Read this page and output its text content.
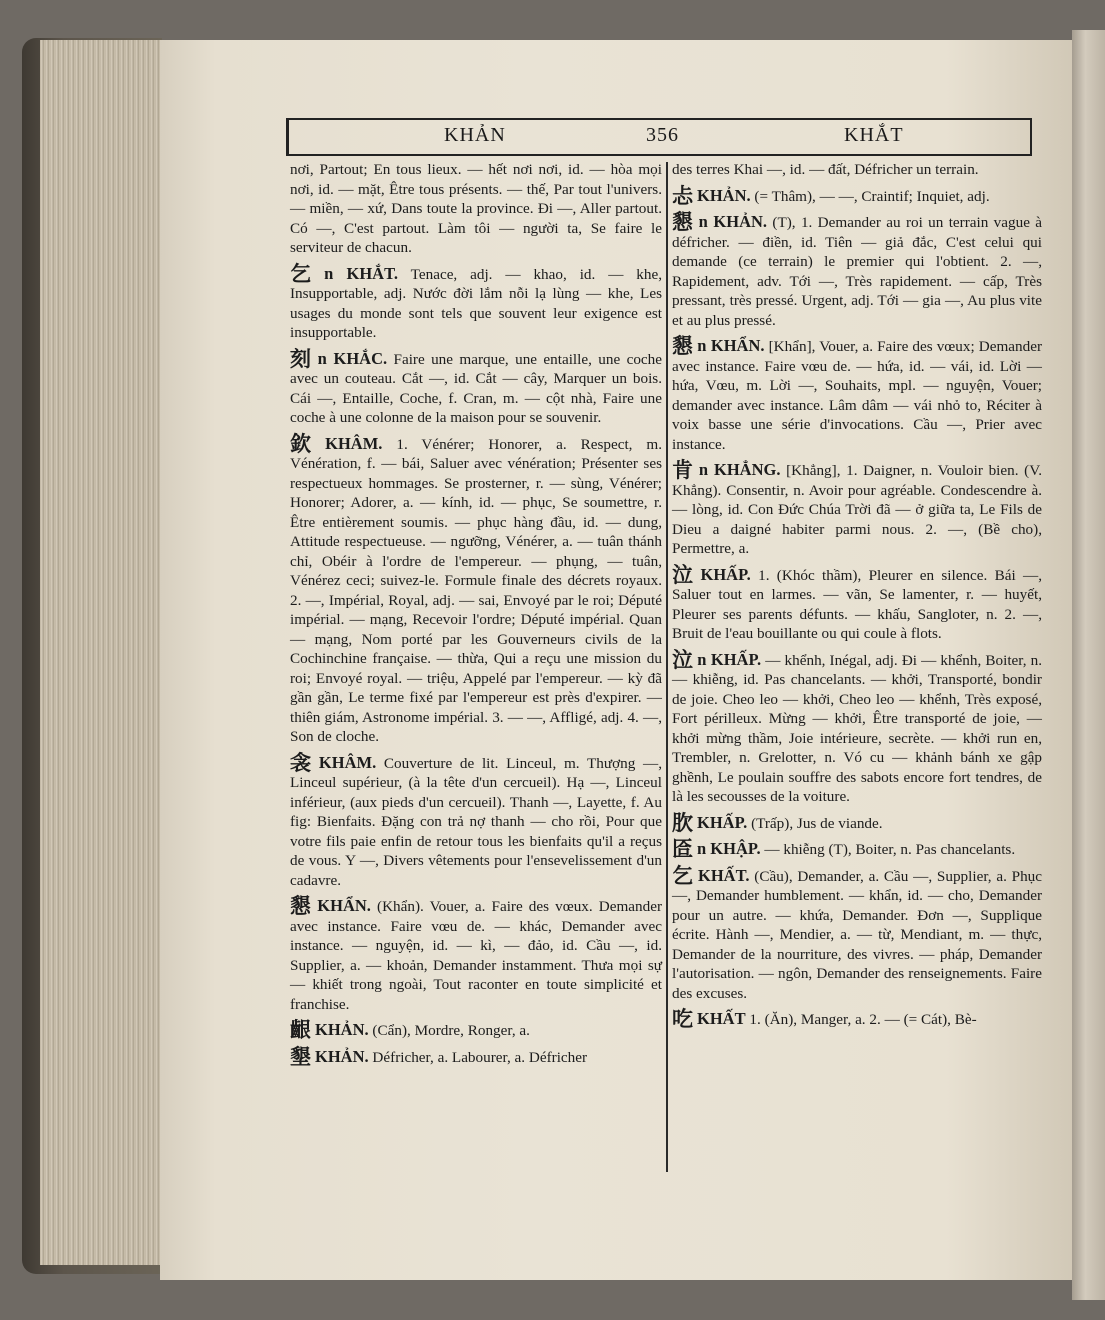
KHẢN	356	KHẮT

nơi, Partout; En tous lieux. — hết nơi nơi, id. — hòa mọi nơi, id. — mặt, Être tous présents. — thế, Par tout l'univers. — miền, — xứ, Dans toute la province. Đi —, Aller partout. Có —, C'est partout. Làm tôi — người ta, Se faire le serviteur de chacun.

乞 n KHẮT. Tenace, adj. — khao, id. — khe, Insupportable, adj. Nước đời lắm nỗi lạ lùng — khe, Les usages du monde sont tels que souvent leur exigence est insupportable.

刻 n KHẮC. Faire une marque, une entaille, une coche avec un couteau. Cắt —, id. Cắt — cây, Marquer un bois. Cái —, Entaille, Coche, f. Cran, m. — cột nhà, Faire une coche à une colonne de la maison pour se souvenir.

欽 KHÂM. 1. Vénérer; Honorer, a. Respect, m. Vénération, f. — bái, Saluer avec vénération; Présenter ses respectueux hommages. Se prosterner, r. — sùng, Vénérer; Honorer; Adorer, a. — kính, id. — phục, Se soumettre, r. Être entièrement soumis. — phục hàng đầu, id. — dung, Attitude respectueuse. — ngưỡng, Vénérer, a. — tuân thánh chỉ, Obéir à l'ordre de l'empereur. — phụng, — tuân, Vénérez ceci; suivez-le. Formule finale des décrets royaux. 2. —, Impérial, Royal, adj. — sai, Envoyé par le roi; Député impérial. — mạng, Recevoir l'ordre; Député impérial. Quan — mạng, Nom porté par les Gouverneurs civils de la Cochinchine française. — thừa, Qui a reçu une mission du roi; Envoyé royal. — triệu, Appelé par l'empereur. — kỳ đã gần gần, Le terme fixé par l'empereur est près d'expirer. — thiên giám, Astronome impérial. 3. — —, Affligé, adj. 4. —, Son de cloche.

衾 KHÂM. Couverture de lit. Linceul, m. Thượng —, Linceul supérieur, (à la tête d'un cercueil). Hạ —, Linceul inférieur, (aux pieds d'un cercueil). Thanh —, Layette, f. Au fig: Bienfaits. Đặng con trả nợ thanh — cho rồi, Pour que votre fils paie enfin de retour tous les bienfaits qu'il a reçus de vous. Y —, Divers vêtements pour l'ensevelissement d'un cadavre.

懇 KHẨN. (Khẩn). Vouer, a. Faire des vœux. Demander avec instance. Faire vœu de. — khác, Demander avec instance. — nguyện, id. — kì, — đảo, id. Cầu —, id. Supplier, a. — khoản, Demander instamment. Thưa mọi sự — khiết trong ngoài, Tout raconter en toute simplicité et franchise.

齦 KHẢN. (Cẩn), Mordre, Ronger, a.

墾 KHẢN. Défricher, a. Labourer, a. Défricher

des terres Khai —, id. — đất, Défricher un terrain.

忐 KHẢN. (= Thâm), — —, Craintif; Inquiet, adj.

懇 n KHẢN. (T), 1. Demander au roi un terrain vague à défricher. — điền, id. Tiên — giả đắc, C'est celui qui demande (ce terrain) le premier qui l'obtient. 2. —, Rapidement, adv. Tới —, Très rapidement. — cấp, Très pressant, très pressé. Urgent, adj. Tới — gia —, Au plus vite et au plus pressé.

懇 n KHẨN. [Khẩn], Vouer, a. Faire des vœux; Demander avec instance. Faire vœu de. — hứa, id. — vái, id. Lời — hứa, Vœu, m. Lời —, Souhaits, mpl. — nguyện, Vouer; demander avec instance. Lâm dâm — vái nhỏ to, Réciter à voix basse une série d'invocations. Cầu —, Prier avec instance.

肯 n KHẲNG. [Khẳng], 1. Daigner, n. Vouloir bien. (V. Khẳng). Consentir, n. Avoir pour agréable. Condescendre à. — lòng, id. Con Đức Chúa Trời đã — ở giữa ta, Le Fils de Dieu a daigné habiter parmi nous. 2. —, (Bề cho), Permettre, a.

泣 KHẤP. 1. (Khóc thầm), Pleurer en silence. Bái —, Saluer tout en larmes. — vãn, Se lamenter, r. — huyết, Pleurer ses parents défunts. — khấu, Sangloter, n. 2. —, Bruit de l'eau bouillante ou qui coule à flots.

泣 n KHẤP. — khểnh, Inégal, adj. Đi — khểnh, Boiter, n. — khiễng, id. Pas chancelants. — khởi, Transporté, bondir de joie. Cheo leo — khởi, Cheo leo — khểnh, Très exposé, Fort périlleux. Mừng — khởi, Être transporté de joie, — khởi mừng thầm, Joie intérieure, secrète. — khởi run en, Trembler, n. Grelotter, n. Vó cu — khảnh bánh xe gập ghềnh, Le poulain souffre des sabots encore fort tendres, de là les secousses de la voiture.

肷 KHẤP. (Trấp), Jus de viande.

匼 n KHẬP. — khiễng (T), Boiter, n. Pas chancelants.

乞 KHẤT. (Cầu), Demander, a. Cầu —, Supplier, a. Phục —, Demander humblement. — khẩn, id. — cho, Demander pour un autre. — khứa, Demander. Đơn —, Supplique écrite. Hành —, Mendier, a. — từ, Mendiant, m. — thực, Demander de la nourriture, des vivres. — pháp, Demander l'autorisation. — ngôn, Demander des renseignements. Faire des excuses.

吃 KHẤT 1. (Ăn), Manger, a. 2. — (= Cát), Bè-
